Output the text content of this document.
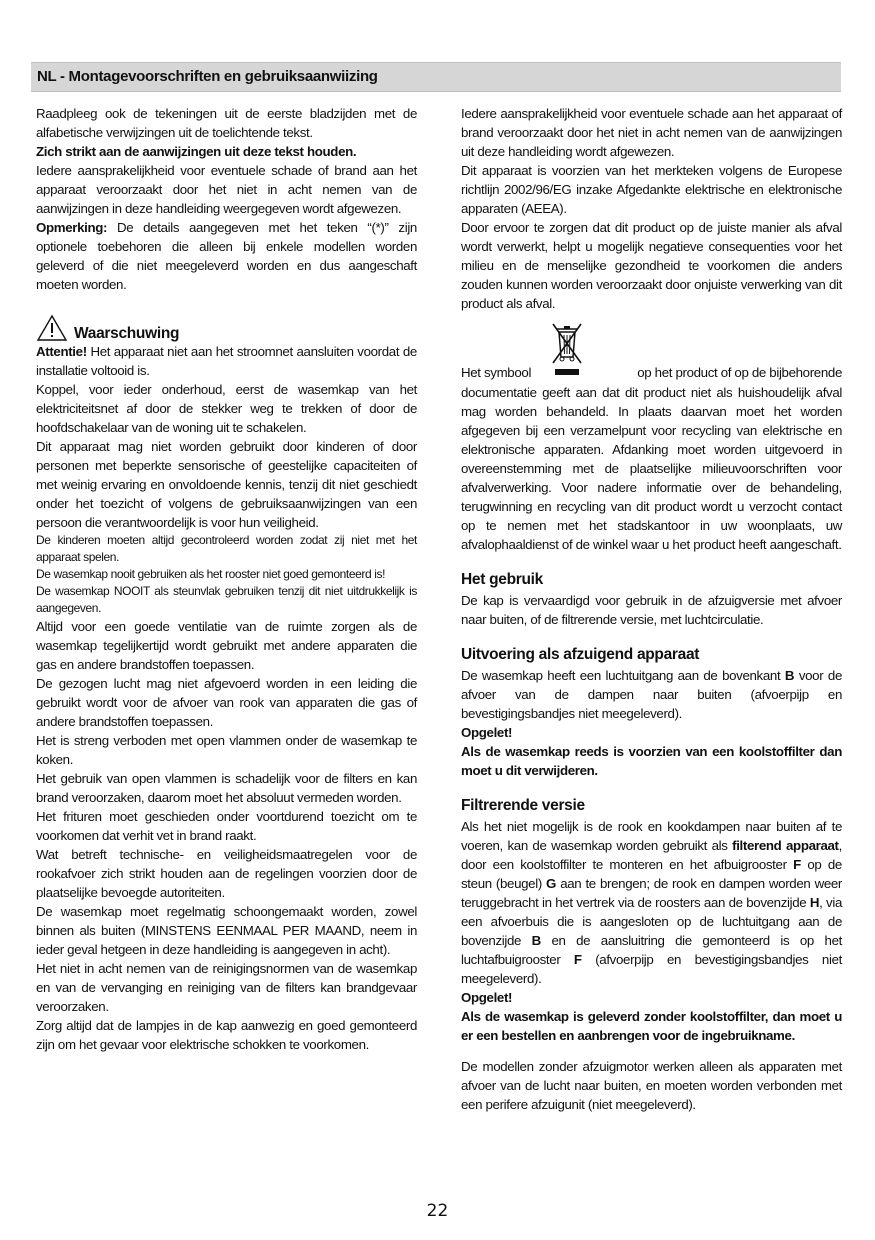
NL - Montagevoorschriften en gebruiksaanwiizing

Raadpleeg ook de tekeningen uit de eerste bladzijden met de alfabetische verwijzingen uit de toelichtende tekst.

Zich strikt aan de aanwijzingen uit deze tekst houden.

Iedere aansprakelijkheid voor eventuele schade of brand aan het apparaat veroorzaakt door het niet in acht nemen van de aanwijzingen in deze handleiding weergegeven wordt afgewezen.

Opmerking: De details aangegeven met het teken “(*)” zijn optionele toebehoren die alleen bij enkele modellen worden geleverd of die niet meegeleverd worden en dus aangeschaft moeten worden.

Waarschuwing

Attentie! Het apparaat niet aan het stroomnet aansluiten voordat de installatie voltooid is.

Koppel, voor ieder onderhoud, eerst de wasemkap van het elektriciteitsnet af door de stekker weg te trekken of door de hoofdschakelaar van de woning uit te schakelen.

Dit apparaat mag niet worden gebruikt door kinderen of door personen met beperkte sensorische of geestelijke capaciteiten of met weinig ervaring en onvoldoende kennis, tenzij dit niet geschiedt onder het toezicht of volgens de gebruiksaanwijzingen van een persoon die verantwoordelijk is voor hun veiligheid.

De kinderen moeten altijd gecontroleerd worden zodat zij niet met het apparaat spelen.

De wasemkap nooit gebruiken als het rooster niet goed gemonteerd is!

De wasemkap NOOIT als steunvlak gebruiken tenzij dit niet uitdrukkelijk is aangegeven.

Altijd voor een goede ventilatie van de ruimte zorgen als de wasemkap tegelijkertijd wordt gebruikt met andere apparaten die gas en andere brandstoffen toepassen.

De gezogen lucht mag niet afgevoerd worden in een leiding die gebruikt wordt voor de afvoer van rook van apparaten die gas of andere brandstoffen toepassen.

Het is streng verboden met open vlammen onder de wasemkap te koken.

Het gebruik van open vlammen is schadelijk voor de filters en kan brand veroorzaken, daarom moet het absoluut vermeden worden.

Het frituren moet geschieden onder voortdurend toezicht om te voorkomen dat verhit vet in brand raakt.

Wat betreft technische- en veiligheidsmaatregelen voor de rookafvoer zich strikt houden aan de regelingen voorzien door de plaatselijke bevoegde autoriteiten.

De wasemkap moet regelmatig schoongemaakt worden, zowel binnen als buiten (MINSTENS EENMAAL PER MAAND, neem in ieder geval hetgeen in deze handleiding is aangegeven in acht).

Het niet in acht nemen van de reinigingsnormen van de wasemkap en van de vervanging en reiniging van de filters kan brandgevaar veroorzaken.

Zorg altijd dat de lampjes in de kap aanwezig en goed gemonteerd zijn om het gevaar voor elektrische schokken te voorkomen.

Iedere aansprakelijkheid voor eventuele schade aan het apparaat of brand veroorzaakt door het niet in acht nemen van de aanwijzingen uit deze handleiding wordt afgewezen.

Dit apparaat is voorzien van het merkteken volgens de Europese richtlijn 2002/96/EG inzake Afgedankte elektrische en elektronische apparaten (AEEA).

Door ervoor te zorgen dat dit product op de juiste manier als afval wordt verwerkt, helpt u mogelijk negatieve consequenties voor het milieu en de menselijke gezondheid te voorkomen die anders zouden kunnen worden veroorzaakt door onjuiste verwerking van dit product als afval.

Het symbool	op het product of op de bijbehorende

documentatie geeft aan dat dit product niet als huishoudelijk afval mag worden behandeld. In plaats daarvan moet het worden afgegeven bij een verzamelpunt voor recycling van elektrische en elektronische apparaten. Afdanking moet worden uitgevoerd in overeenstemming met de plaatselijke milieuvoorschriften voor afvalverwerking. Voor nadere informatie over de behandeling, terugwinning en recycling van dit product wordt u verzocht contact op te nemen met het stadskantoor in uw woonplaats, uw afvalophaaldienst of de winkel waar u het product heeft aangeschaft.

Het gebruik

De kap is vervaardigd voor gebruik in de afzuigversie met afvoer naar buiten, of de filtrerende versie, met luchtcirculatie.

Uitvoering als afzuigend apparaat

De wasemkap heeft een luchtuitgang aan de bovenkant B voor de afvoer van de dampen naar buiten (afvoerpijp en bevestigingsbandjes niet meegeleverd).

Opgelet!

Als de wasemkap reeds is voorzien van een koolstoffilter dan moet u dit verwijderen.

Filtrerende versie

Als het niet mogelijk is de rook en kookdampen naar buiten af te voeren, kan de wasemkap worden gebruikt als filterend apparaat, door een koolstoffilter te monteren en het afbuigrooster F op de steun (beugel) G aan te brengen; de rook en dampen worden weer teruggebracht in het vertrek via de roosters aan de bovenzijde H, via een afvoerbuis die is aangesloten op de luchtuitgang aan de bovenzijde B en de aansluitring die gemonteerd is op het luchtafbuigrooster F (afvoerpijp en bevestigingsbandjes niet meegeleverd).

Opgelet!

Als de wasemkap is geleverd zonder koolstoffilter, dan moet u er een bestellen en aanbrengen voor de ingebruikname.

De modellen zonder afzuigmotor werken alleen als apparaten met afvoer van de lucht naar buiten, en moeten worden verbonden met een perifere afzuigunit (niet meegeleverd).

22
